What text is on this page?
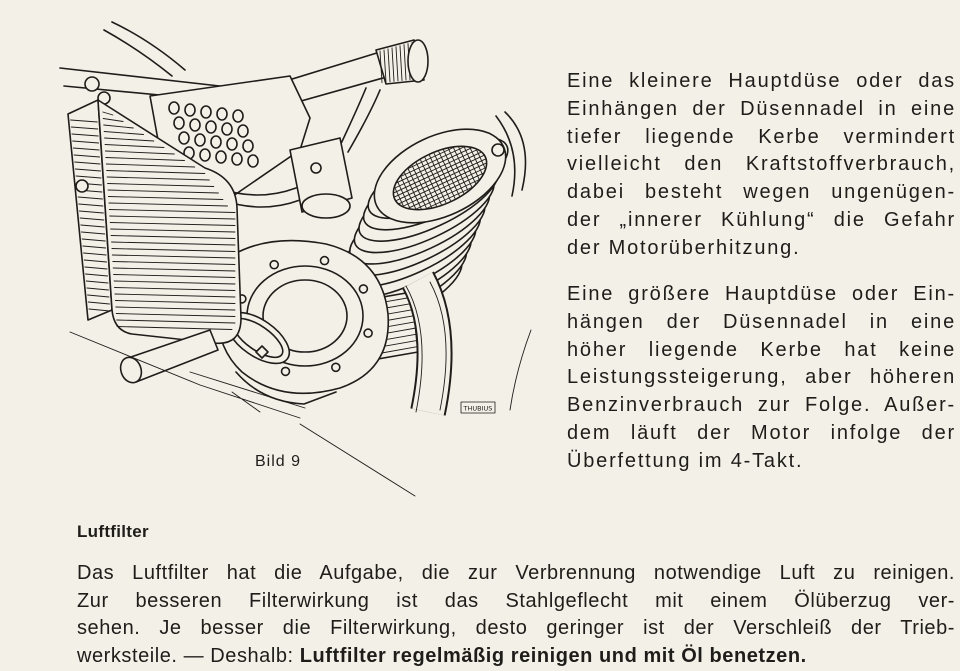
THUBIUS
Bild 9
Eine kleinere Hauptdüse oder das
Einhängen der Düsennadel in eine
tiefer liegende Kerbe vermindert
vielleicht den Kraftstoffverbrauch,
dabei besteht wegen ungenügen-
der „innerer Kühlung“ die Gefahr
der Motorüberhitzung.
Eine größere Hauptdüse oder Ein-
hängen der Düsennadel in eine
höher liegende Kerbe hat keine
Leistungssteigerung, aber höheren
Benzinverbrauch zur Folge. Außer-
dem läuft der Motor infolge der
Überfettung im 4-Takt.
Luftfilter
Das Luftfilter hat die Aufgabe, die zur Verbrennung notwendige Luft zu reinigen.
Zur besseren Filterwirkung ist das Stahlgeflecht mit einem Ölüberzug ver-
sehen. Je besser die Filterwirkung, desto geringer ist der Verschleiß der Trieb-
werksteile. — Deshalb: Luftfilter regelmäßig reinigen und mit Öl benetzen.
